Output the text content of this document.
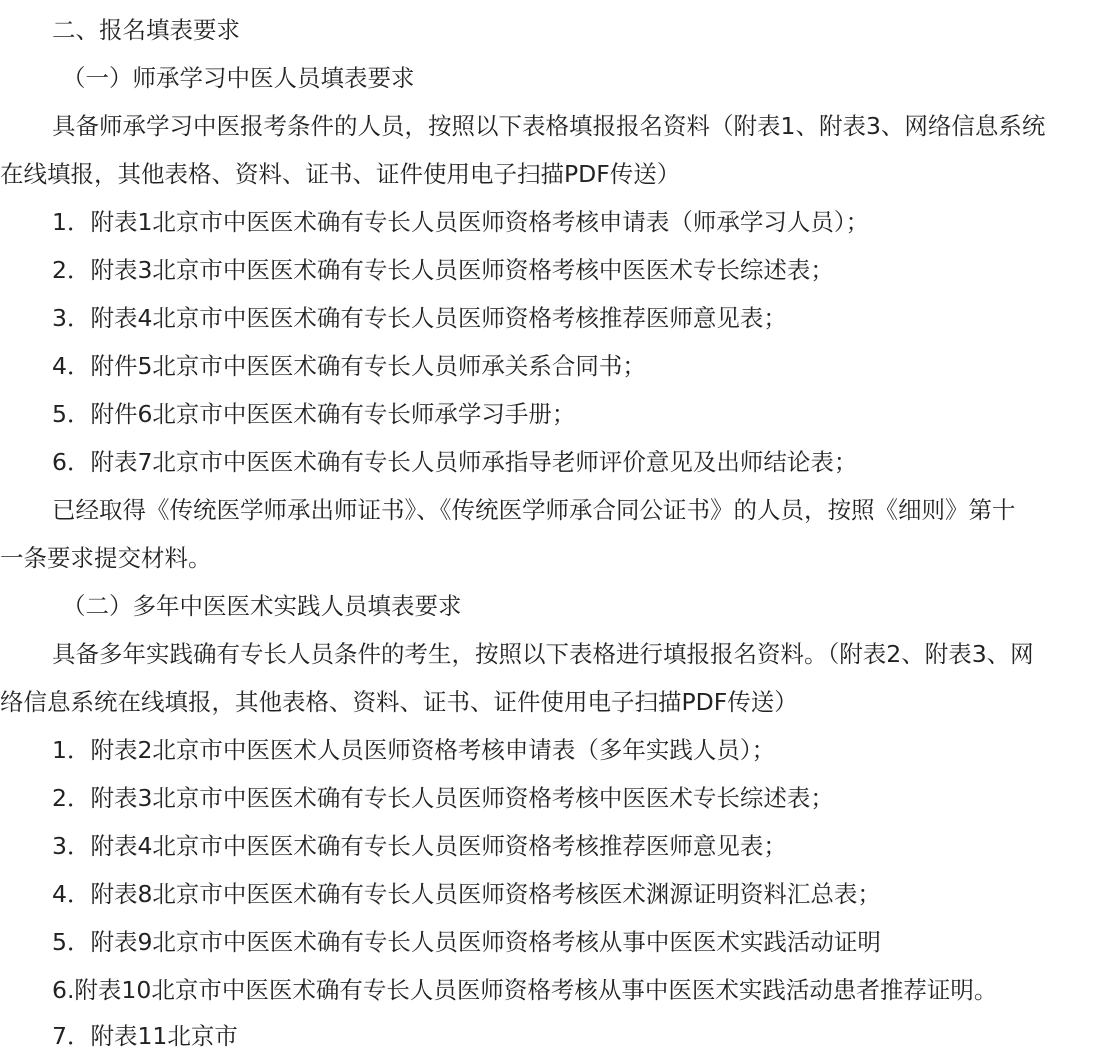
二、报名填表要求

（一）师承学习中医人员填表要求

具备师承学习中医报考条件的人员，按照以下表格填报报名资料（附表1、附表3、网络信息系统

在线填报，其他表格、资料、证书、证件使用电子扫描PDF传送）

1．附表1北京市中医医术确有专长人员医师资格考核申请表（师承学习人员）；

2．附表3北京市中医医术确有专长人员医师资格考核中医医术专长综述表；

3．附表4北京市中医医术确有专长人员医师资格考核推荐医师意见表；

4．附件5北京市中医医术确有专长人员师承关系合同书；

5．附件6北京市中医医术确有专长师承学习手册；

6．附表7北京市中医医术确有专长人员师承指导老师评价意见及出师结论表；

已经取得《传统医学师承出师证书》、《传统医学师承合同公证书》的人员，按照《细则》第十

一条要求提交材料。

（二）多年中医医术实践人员填表要求

具备多年实践确有专长人员条件的考生，按照以下表格进行填报报名资料。（附表2、附表3、网

络信息系统在线填报，其他表格、资料、证书、证件使用电子扫描PDF传送）

1．附表2北京市中医医术人员医师资格考核申请表（多年实践人员）；

2．附表3北京市中医医术确有专长人员医师资格考核中医医术专长综述表；

3．附表4北京市中医医术确有专长人员医师资格考核推荐医师意见表；

4．附表8北京市中医医术确有专长人员医师资格考核医术渊源证明资料汇总表；

5．附表9北京市中医医术确有专长人员医师资格考核从事中医医术实践活动证明

6.附表10北京市中医医术确有专长人员医师资格考核从事中医医术实践活动患者推荐证明。

7．附表11北京市
